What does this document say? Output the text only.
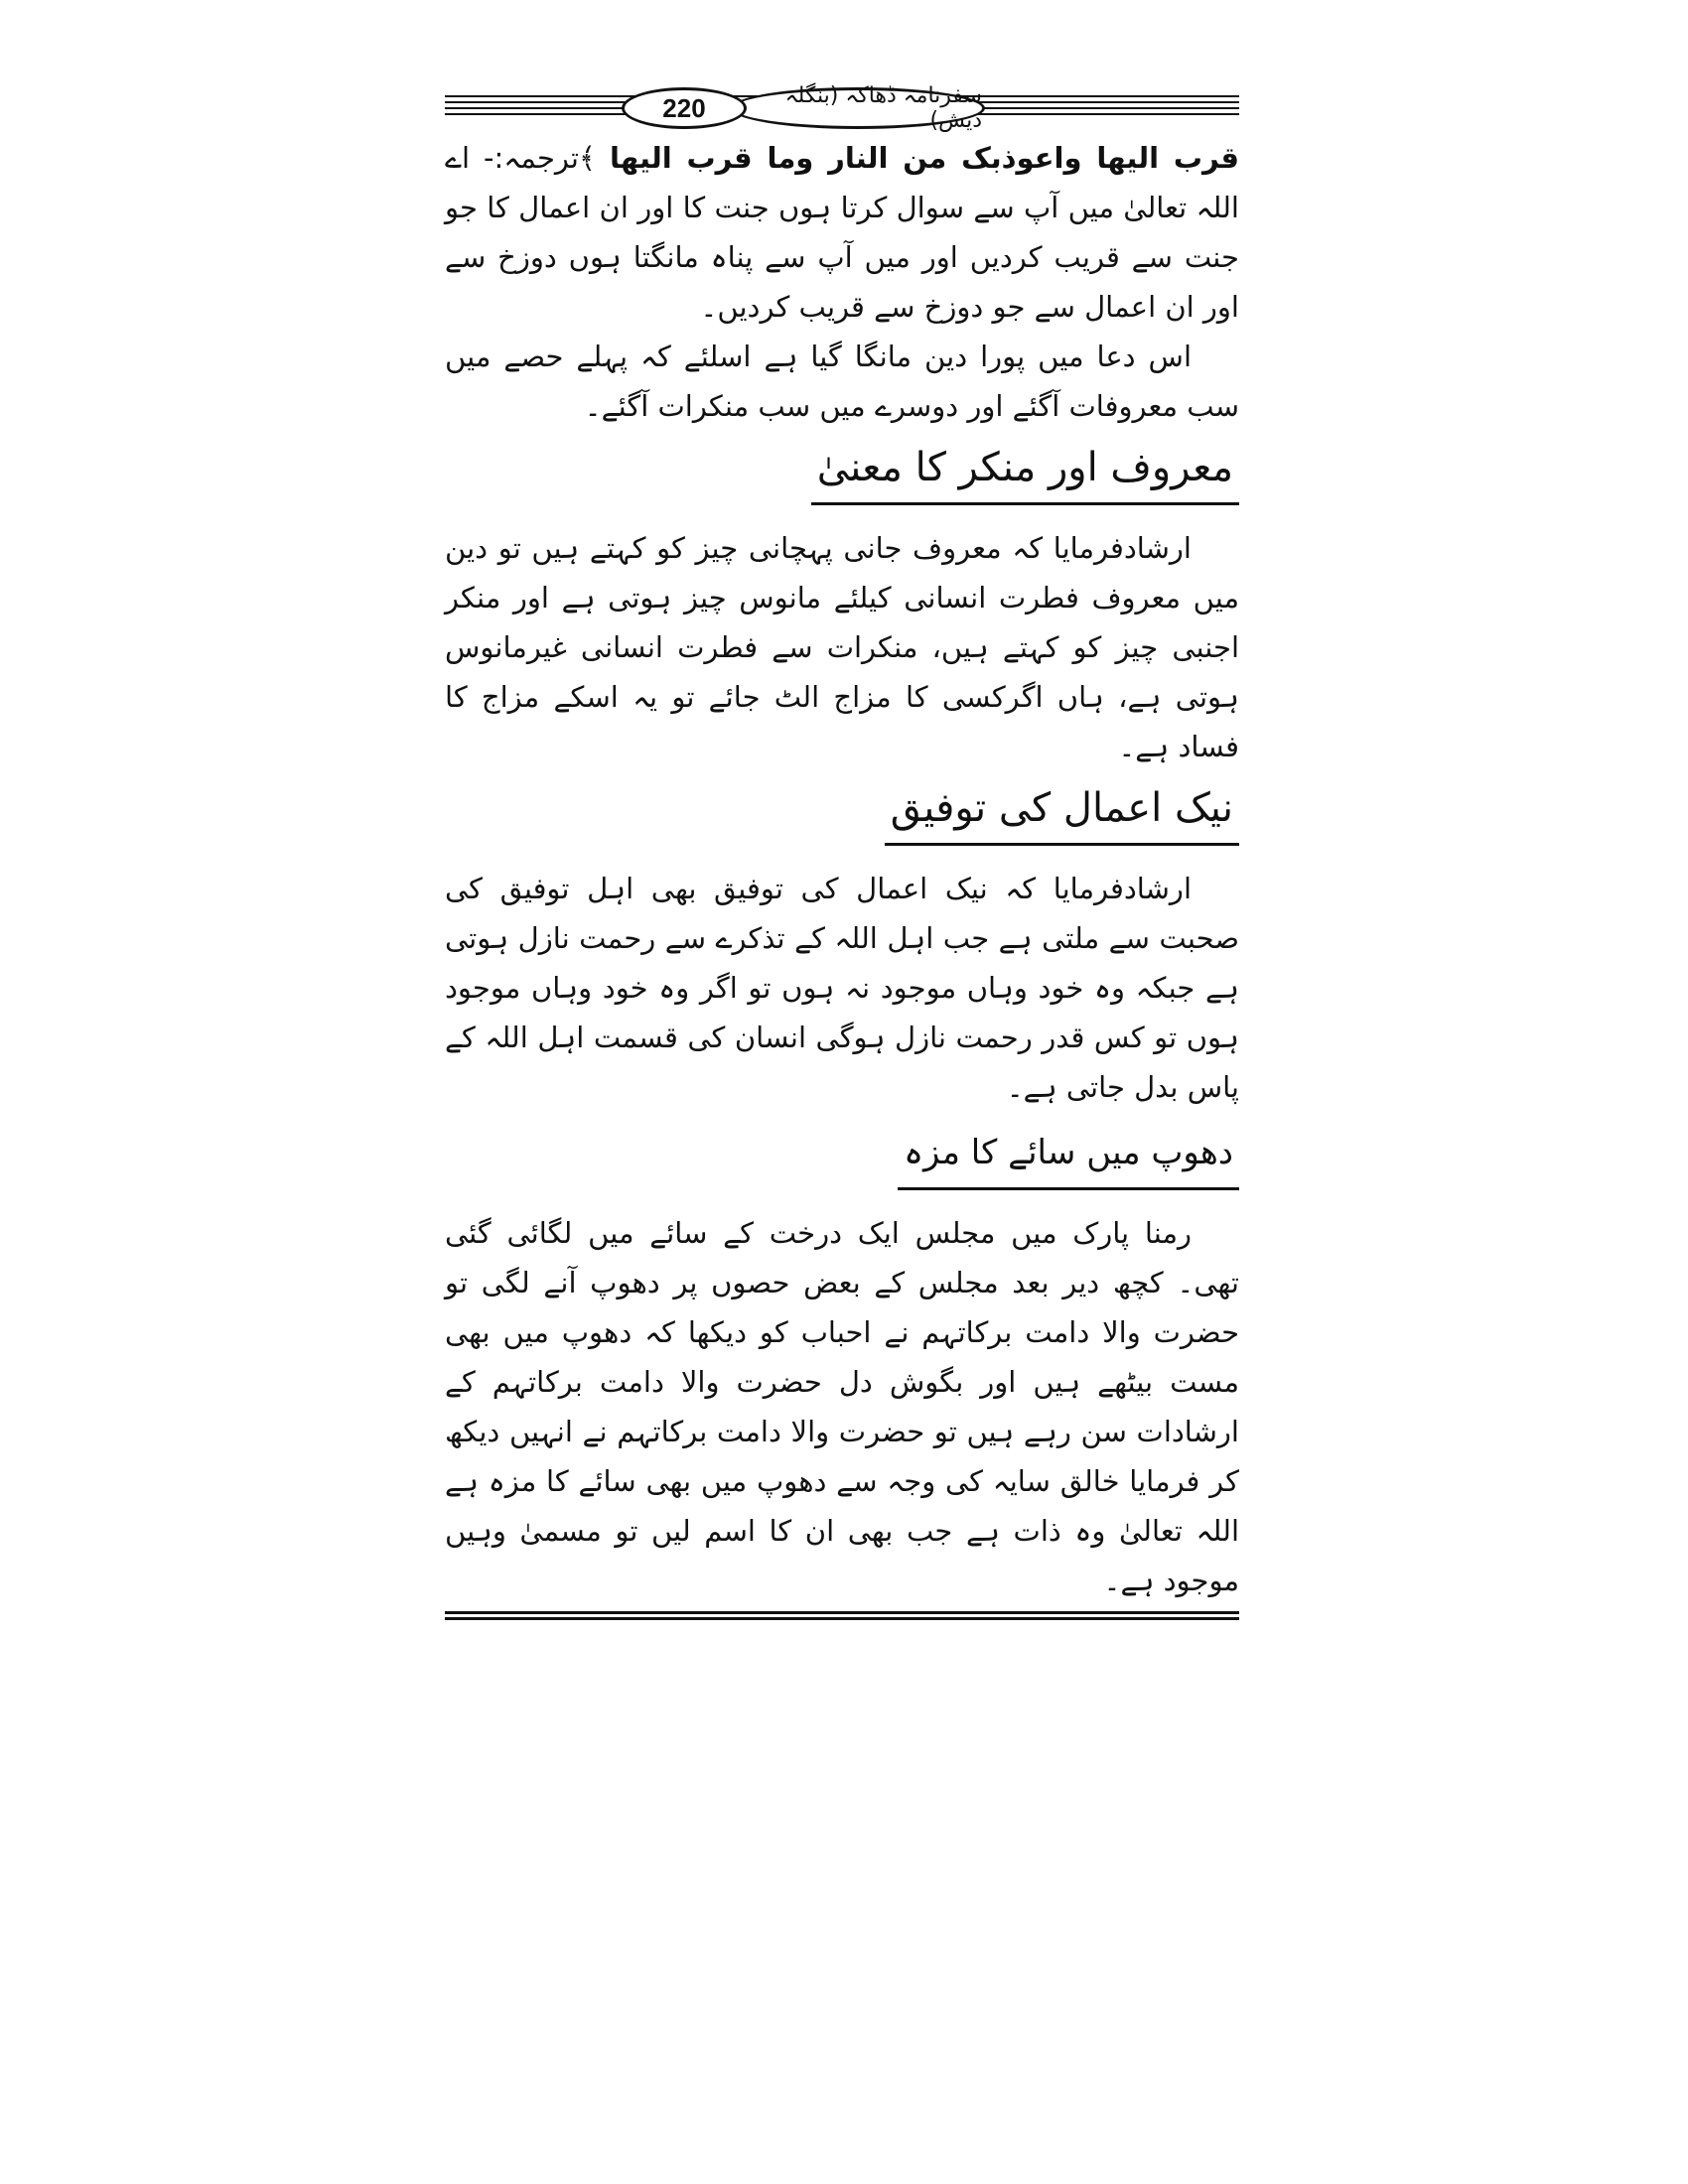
سفرنامہ ڈھاکہ (بنگلہ دیش)
220

قرب اليها واعوذبک من النار وما قرب اليها ﴾ترجمہ:- اے اللہ تعالیٰ میں آپ سے سوال کرتا ہوں جنت کا اور ان اعمال کا جو جنت سے قریب کردیں اور میں آپ سے پناہ مانگتا ہوں دوزخ سے اور ان اعمال سے جو دوزخ سے قریب کردیں۔

اس دعا میں پورا دین مانگا گیا ہے اسلئے کہ پہلے حصے میں سب معروفات آگئے اور دوسرے میں سب منکرات آگئے۔

معروف اور منکر کا معنیٰ

ارشادفرمایا کہ معروف جانی پہچانی چیز کو کہتے ہیں تو دین میں معروف فطرت انسانی کیلئے مانوس چیز ہوتی ہے اور منکر اجنبی چیز کو کہتے ہیں، منکرات سے فطرت انسانی غیرمانوس ہوتی ہے، ہاں اگرکسی کا مزاج الٹ جائے تو یہ اسکے مزاج کا فساد ہے۔

نیک اعمال کی توفیق

ارشادفرمایا کہ نیک اعمال کی توفیق بھی اہل توفیق کی صحبت سے ملتی ہے جب اہل اللہ کے تذکرے سے رحمت نازل ہوتی ہے جبکہ وہ خود وہاں موجود نہ ہوں تو اگر وہ خود وہاں موجود ہوں تو کس قدر رحمت نازل ہوگی انسان کی قسمت اہل اللہ کے پاس بدل جاتی ہے۔

دھوپ میں سائے کا مزہ

رمنا پارک میں مجلس ایک درخت کے سائے میں لگائی گئی تھی۔ کچھ دیر بعد مجلس کے بعض حصوں پر دھوپ آنے لگی تو حضرت والا دامت برکاتہم نے احباب کو دیکھا کہ دھوپ میں بھی مست بیٹھے ہیں اور بگوش دل حضرت والا دامت برکاتہم کے ارشادات سن رہے ہیں تو حضرت والا دامت برکاتہم نے انہیں دیکھ کر فرمایا خالق سایہ کی وجہ سے دھوپ میں بھی سائے کا مزہ ہے اللہ تعالیٰ وہ ذات ہے جب بھی ان کا اسم لیں تو مسمیٰ وہیں موجود ہے۔
